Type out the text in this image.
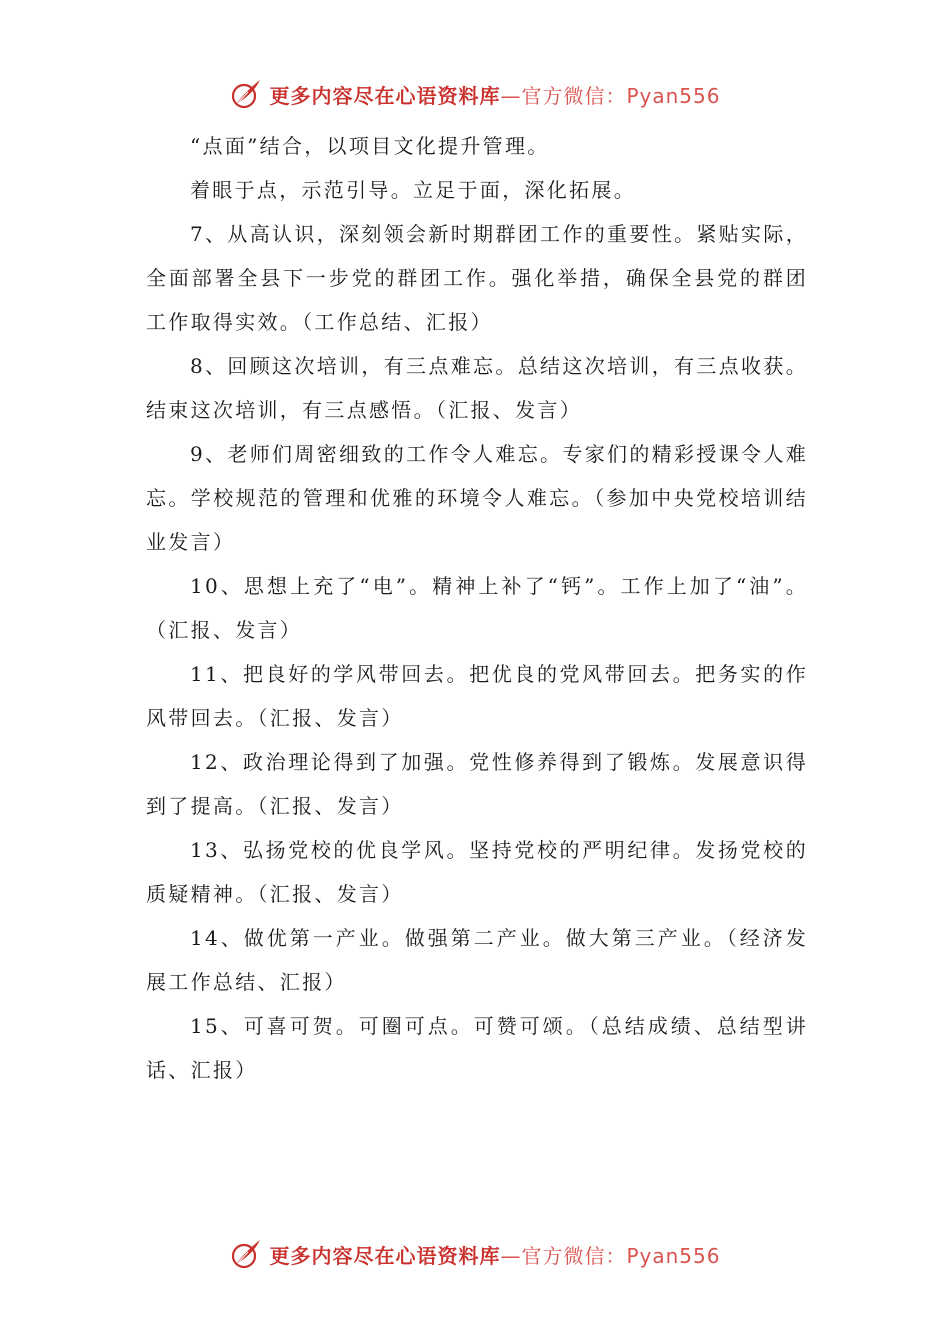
更多内容尽在心语资料库—官方微信：Pyan556

“点面”结合，以项目文化提升管理。

着眼于点，示范引导。立足于面，深化拓展。

7、从高认识，深刻领会新时期群团工作的重要性。紧贴实际，全面部署全县下一步党的群团工作。强化举措，确保全县党的群团工作取得实效。（工作总结、汇报）

8、回顾这次培训，有三点难忘。总结这次培训，有三点收获。结束这次培训，有三点感悟。（汇报、发言）

9、老师们周密细致的工作令人难忘。专家们的精彩授课令人难忘。学校规范的管理和优雅的环境令人难忘。（参加中央党校培训结业发言）

10、思想上充了“电”。精神上补了“钙”。工作上加了“油”。（汇报、发言）

11、把良好的学风带回去。把优良的党风带回去。把务实的作风带回去。（汇报、发言）

12、政治理论得到了加强。党性修养得到了锻炼。发展意识得到了提高。（汇报、发言）

13、弘扬党校的优良学风。坚持党校的严明纪律。发扬党校的质疑精神。（汇报、发言）

14、做优第一产业。做强第二产业。做大第三产业。（经济发展工作总结、汇报）

15、可喜可贺。可圈可点。可赞可颂。（总结成绩、总结型讲话、汇报）

更多内容尽在心语资料库—官方微信：Pyan556
